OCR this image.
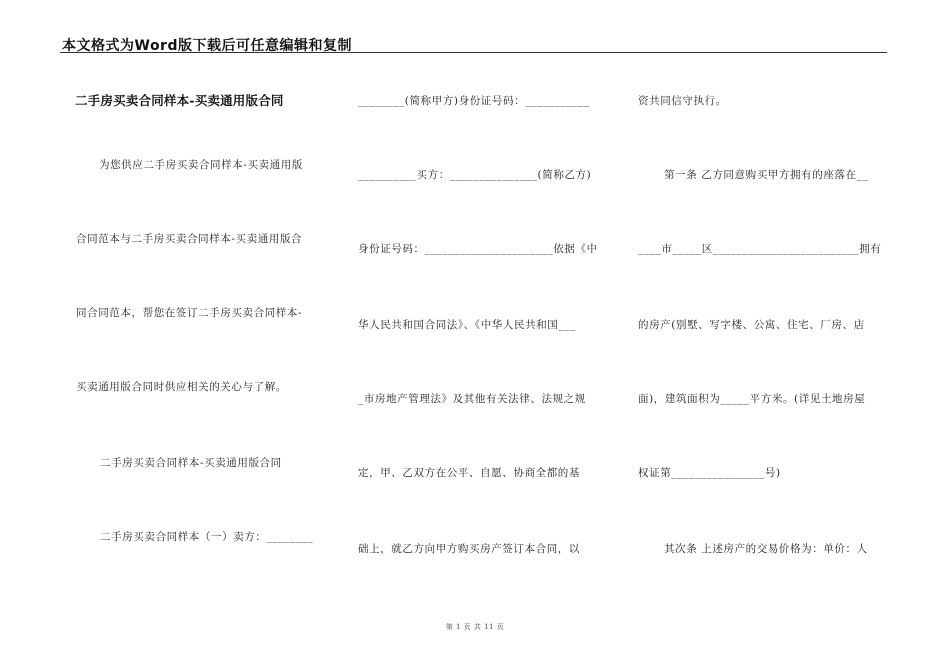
本文格式为Word版下载后可任意编辑和复制
二手房买卖合同样本-买卖通用版合同
为您供应二手房买卖合同样本-买卖通用版
合同范本与二手房买卖合同样本-买卖通用版合
同合同范本，帮您在签订二手房买卖合同样本-
买卖通用版合同时供应相关的关心与了解。
二手房买卖合同样本-买卖通用版合同
二手房买卖合同样本（一）卖方：________
________(简称甲方)身份证号码：___________
__________买方：_______________(简称乙方)
身份证号码：______________________依据《中
华人民共和国合同法》、《中华人民共和国___
_市房地产管理法》及其他有关法律、法规之规
定，甲、乙双方在公平、自愿、协商全都的基
础上，就乙方向甲方购买房产签订本合同，以
资共同信守执行。
第一条 乙方同意购买甲方拥有的座落在__
____市_____区_________________________拥有
的房产(别墅、写字楼、公寓、住宅、厂房、店
面)，建筑面积为_____平方米。(详见土地房屋
权证第________________号)
其次条 上述房产的交易价格为：单价：人
第 1 页 共 11 页
